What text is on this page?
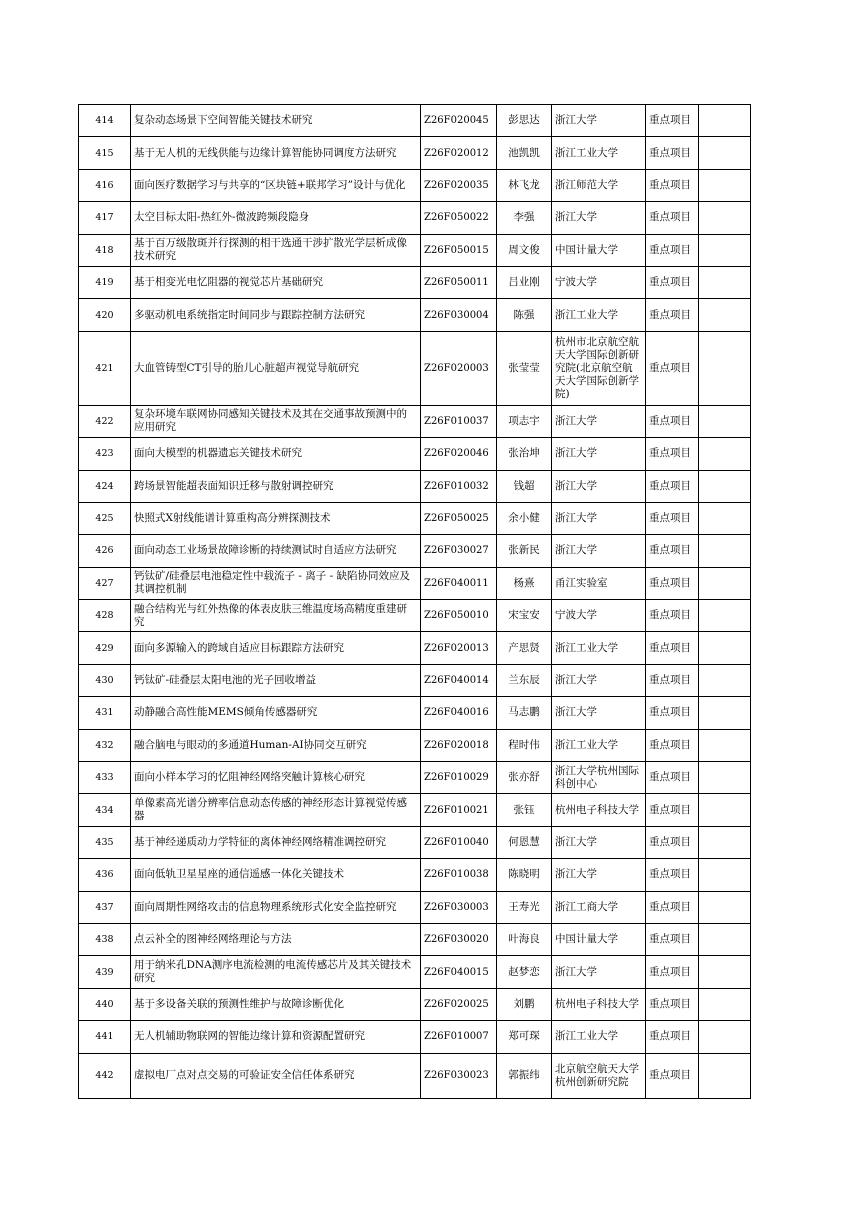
414	复杂动态场景下空间智能关键技术研究	Z26F020045	彭思达	浙江大学	重点项目	
415	基于无人机的无线供能与边缘计算智能协同调度方法研究	Z26F020012	池凯凯	浙江工业大学	重点项目	
416	面向医疗数据学习与共享的“区块链+联邦学习”设计与优化	Z26F020035	林飞龙	浙江师范大学	重点项目	
417	太空目标太阳-热红外-微波跨频段隐身	Z26F050022	李强	浙江大学	重点项目	
418	基于百万级散斑并行探测的相干选通干涉扩散光学层析成像技术研究	Z26F050015	周文俊	中国计量大学	重点项目	
419	基于相变光电忆阻器的视觉芯片基础研究	Z26F050011	吕业刚	宁波大学	重点项目	
420	多驱动机电系统指定时间同步与跟踪控制方法研究	Z26F030004	陈强	浙江工业大学	重点项目	
421	大血管铸型CT引导的胎儿心脏超声视觉导航研究	Z26F020003	张莹莹	杭州市北京航空航天大学国际创新研究院(北京航空航天大学国际创新学院)	重点项目	
422	复杂环境车联网协同感知关键技术及其在交通事故预测中的应用研究	Z26F010037	项志宇	浙江大学	重点项目	
423	面向大模型的机器遗忘关键技术研究	Z26F020046	张治坤	浙江大学	重点项目	
424	跨场景智能超表面知识迁移与散射调控研究	Z26F010032	钱超	浙江大学	重点项目	
425	快照式X射线能谱计算重构高分辨探测技术	Z26F050025	余小健	浙江大学	重点项目	
426	面向动态工业场景故障诊断的持续测试时自适应方法研究	Z26F030027	张新民	浙江大学	重点项目	
427	钙钛矿/硅叠层电池稳定性中载流子 - 离子 - 缺陷协同效应及其调控机制	Z26F040011	杨熹	甬江实验室	重点项目	
428	融合结构光与红外热像的体表皮肤三维温度场高精度重建研究	Z26F050010	宋宝安	宁波大学	重点项目	
429	面向多源输入的跨域自适应目标跟踪方法研究	Z26F020013	产思贤	浙江工业大学	重点项目	
430	钙钛矿-硅叠层太阳电池的光子回收增益	Z26F040014	兰东辰	浙江大学	重点项目	
431	动静融合高性能MEMS倾角传感器研究	Z26F040016	马志鹏	浙江大学	重点项目	
432	融合脑电与眼动的多通道Human-AI协同交互研究	Z26F020018	程时伟	浙江工业大学	重点项目	
433	面向小样本学习的忆阻神经网络突触计算核心研究	Z26F010029	张亦舒	浙江大学杭州国际科创中心	重点项目	
434	单像素高光谱分辨率信息动态传感的神经形态计算视觉传感器	Z26F010021	张钰	杭州电子科技大学	重点项目	
435	基于神经递质动力学特征的离体神经网络精准调控研究	Z26F010040	何恩慧	浙江大学	重点项目	
436	面向低轨卫星星座的通信遥感一体化关键技术	Z26F010038	陈晓明	浙江大学	重点项目	
437	面向周期性网络攻击的信息物理系统形式化安全监控研究	Z26F030003	王寿光	浙江工商大学	重点项目	
438	点云补全的图神经网络理论与方法	Z26F030020	叶海良	中国计量大学	重点项目	
439	用于纳米孔DNA测序电流检测的电流传感芯片及其关键技术研究	Z26F040015	赵梦恋	浙江大学	重点项目	
440	基于多设备关联的预测性维护与故障诊断优化	Z26F020025	刘鹏	杭州电子科技大学	重点项目	
441	无人机辅助物联网的智能边缘计算和资源配置研究	Z26F010007	郑可琛	浙江工业大学	重点项目	
442	虚拟电厂点对点交易的可验证安全信任体系研究	Z26F030023	郭振纬	北京航空航天大学杭州创新研究院	重点项目	
